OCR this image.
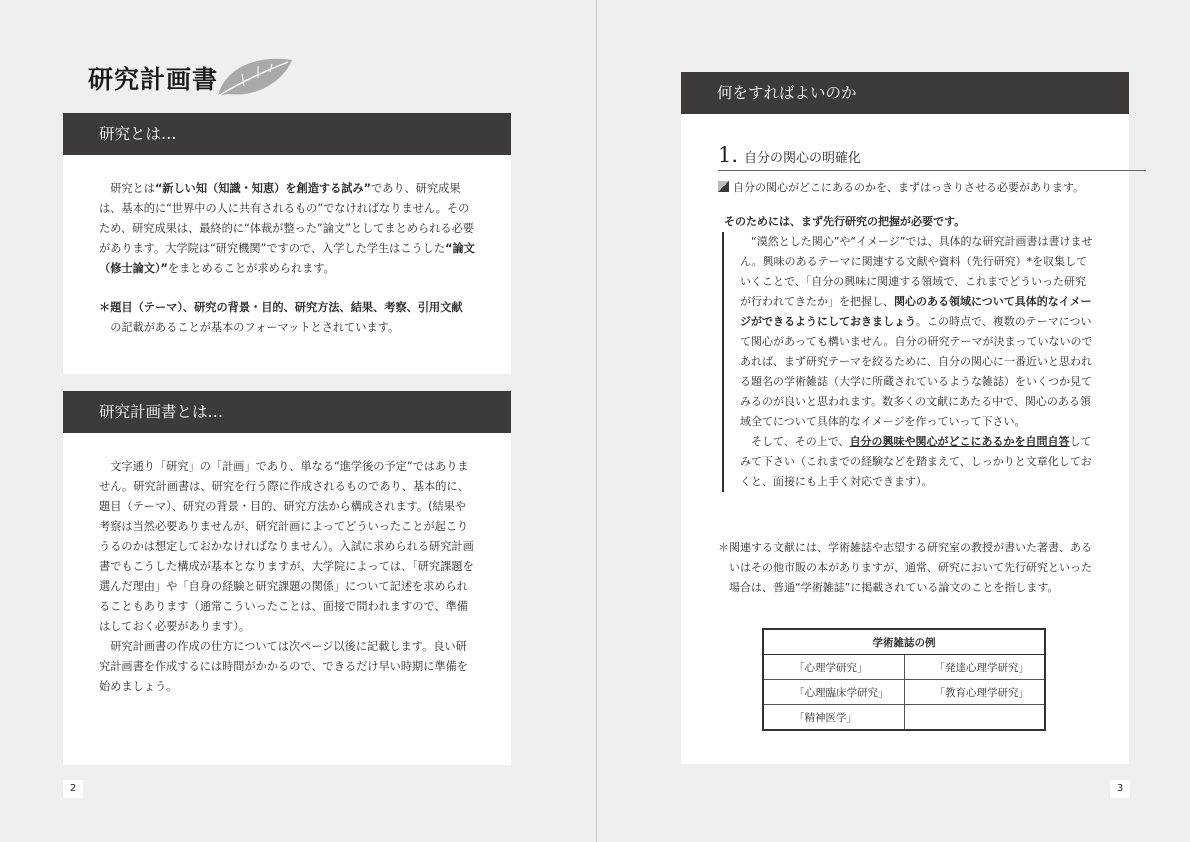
研究計画書
研究とは…

研究とは“新しい知（知識・知恵）を創造する試み”であり、研究成果は、基本的に“世界中の人に共有されるもの”でなければなりません。そのため、研究成果は、最終的に“体裁が整った”論文”としてまとめられる必要があります。大学院は“研究機関”ですので、入学した学生はこうした“論文（修士論文）”をまとめることが求められます。

＊題目（テーマ）、研究の背景・目的、研究方法、結果、考察、引用文献
の記載があることが基本のフォーマットとされています。

研究計画書とは…

文字通り「研究」の「計画」であり、単なる“進学後の予定”ではありません。研究計画書は、研究を行う際に作成されるものであり、基本的に、題目（テーマ）、研究の背景・目的、研究方法から構成されます。(結果や考察は当然必要ありませんが、研究計画によってどういったことが起こりうるのかは想定しておかなければなりません）。入試に求められる研究計画書でもこうした構成が基本となりますが、大学院によっては、「研究課題を選んだ理由」や「自身の経験と研究課題の関係」について記述を求められることもあります（通常こういったことは、面接で問われますので、準備はしておく必要があります）。

研究計画書の作成の仕方については次ページ以後に記載します。良い研究計画書を作成するには時間がかかるので、できるだけ早い時期に準備を始めましょう。

2
何をすればよいのか
3
1. 自分の関心の明確化
自分の関心がどこにあるのかを、まずはっきりさせる必要があります。
そのためには、まず先行研究の把握が必要です。

“漠然とした関心”や“イメージ”では、具体的な研究計画書は書けません。興味のあるテーマに関連する文献や資料（先行研究）*を収集していくことで、「自分の興味に関連する領域で、これまでどういった研究が行われてきたか」を把握し、関心のある領域について具体的なイメージができるようにしておきましょう。この時点で、複数のテーマについて関心があっても構いません。自分の研究テーマが決まっていないのであれば、まず研究テーマを絞るために、自分の関心に一番近いと思われる題名の学術雑誌（大学に所蔵されているような雑誌）をいくつか見てみるのが良いと思われます。数多くの文献にあたる中で、関心のある領域全てについて具体的なイメージを作っていって下さい。

そして、その上で、自分の興味や関心がどこにあるかを自問自答してみて下さい（これまでの経験などを踏まえて、しっかりと文章化しておくと、面接にも上手く対応できます）。

＊関連する文献には、学術雑誌や志望する研究室の教授が書いた著書、あるいはその他市販の本がありますが、通常、研究において先行研究といった場合は、普通“学術雑誌”に掲載されている論文のことを指します。

学術雑誌の例	
「心理学研究」	「発達心理学研究」
「心理臨床学研究」	「教育心理学研究」
「精神医学」	
